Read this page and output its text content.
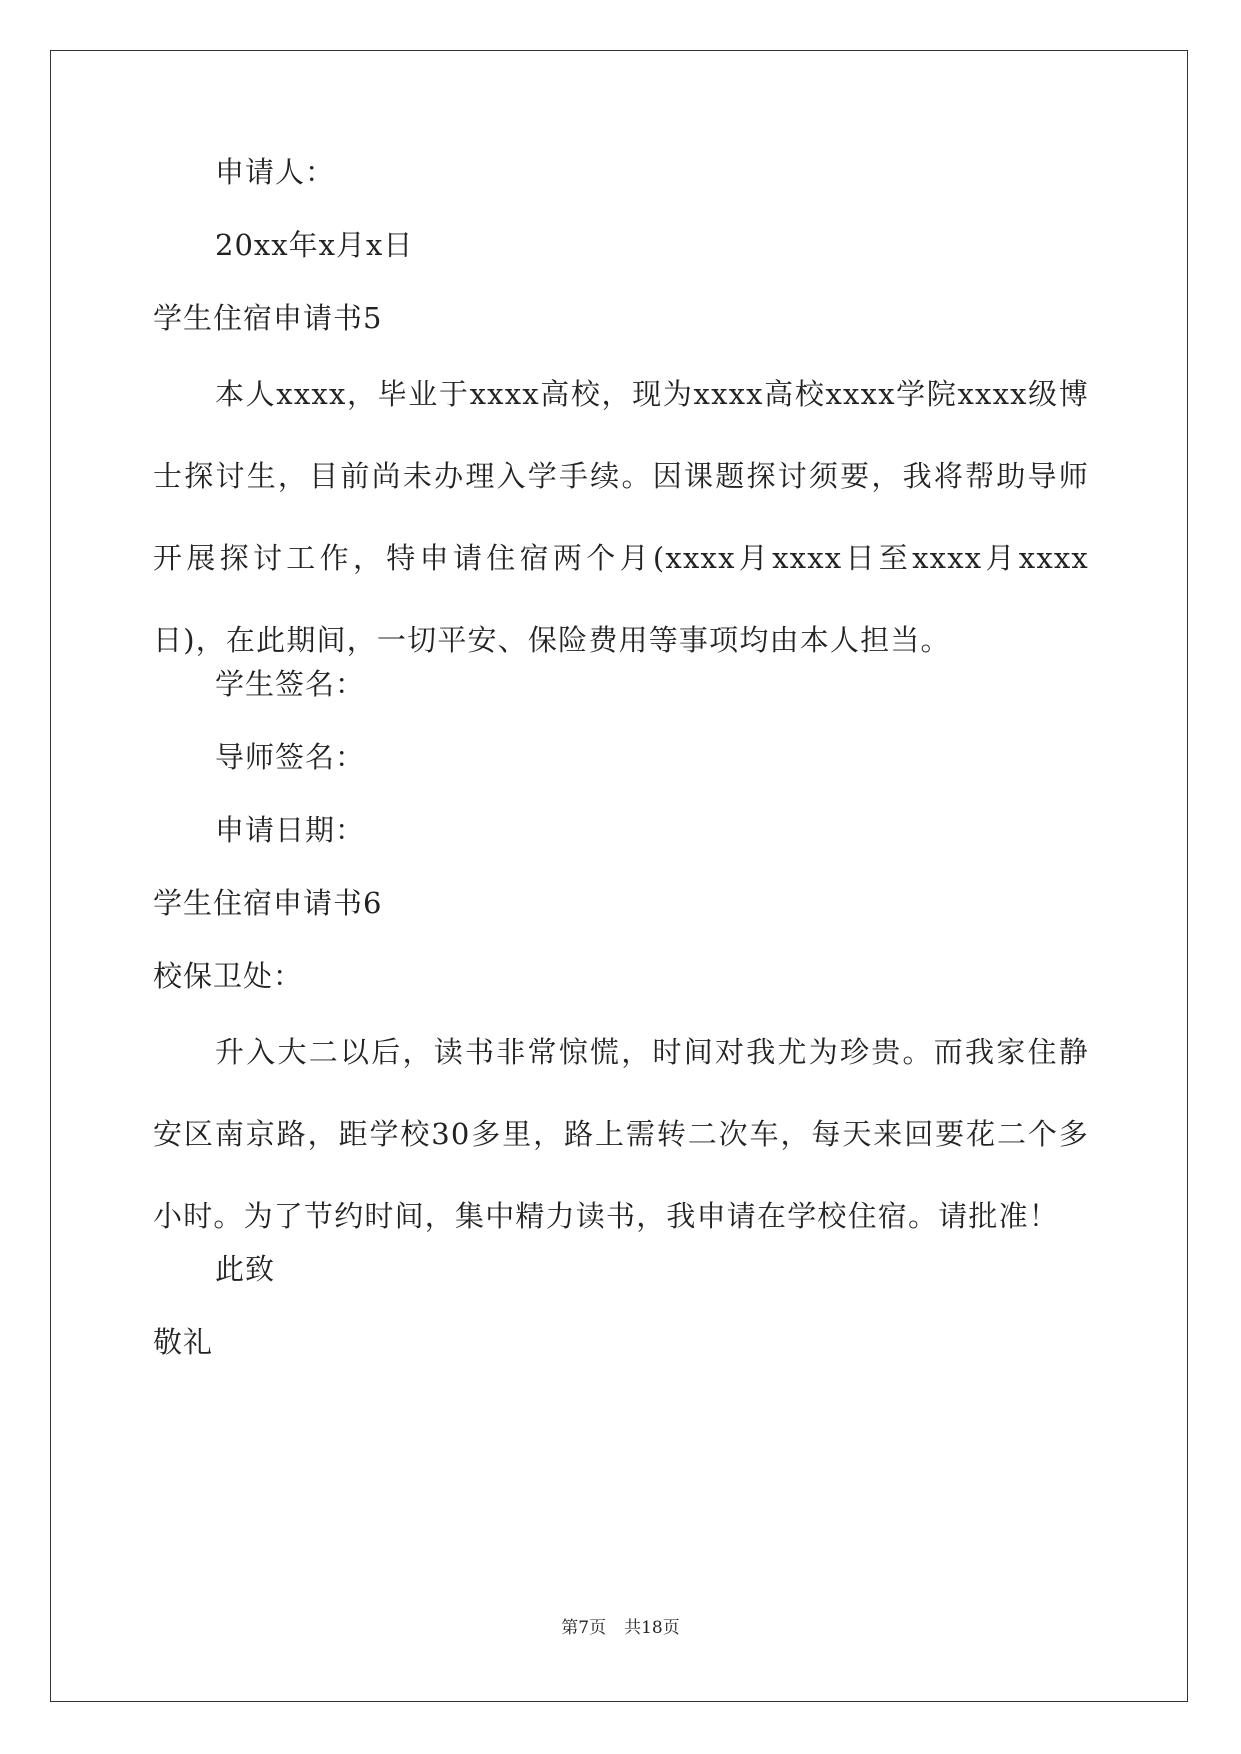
申请人：
20xx年x月x日
学生住宿申请书5

本人xxxx，毕业于xxxx高校，现为xxxx高校xxxx学院xxxx级博士探讨生，目前尚未办理入学手续。因课题探讨须要，我将帮助导师开展探讨工作，特申请住宿两个月(xxxx月xxxx日至xxxx月xxxx日)，在此期间，一切平安、保险费用等事项均由本人担当。

学生签名：
导师签名：
申请日期：
学生住宿申请书6
校保卫处：

升入大二以后，读书非常惊慌，时间对我尤为珍贵。而我家住静安区南京路，距学校30多里，路上需转二次车，每天来回要花二个多小时。为了节约时间，集中精力读书，我申请在学校住宿。请批准！

此致
敬礼
第7页 共18页
